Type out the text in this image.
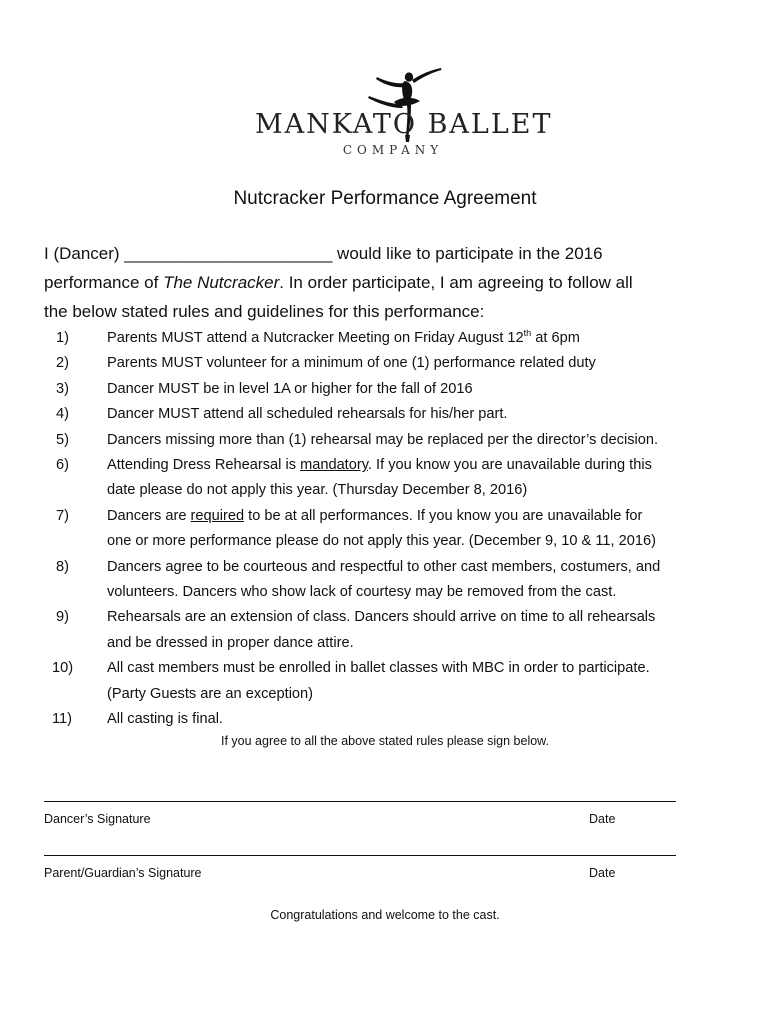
MANKATO BALLET
COMPANY
Nutcracker Performance Agreement
I (Dancer) ______________________ would like to participate in the 2016
performance of The Nutcracker. In order participate, I am agreeing to follow all
the below stated rules and guidelines for this performance:
1)	Parents MUST attend a Nutcracker Meeting on Friday August 12th at 6pm
2)	Parents MUST volunteer for a minimum of one (1) performance related duty
3)	Dancer MUST be in level 1A or higher for the fall of 2016
4)	Dancer MUST attend all scheduled rehearsals for his/her part.
5)	Dancers missing more than (1) rehearsal may be replaced per the director’s decision.
6)	Attending Dress Rehearsal is mandatory. If you know you are unavailable during this
date please do not apply this year. (Thursday December 8, 2016)
7)	Dancers are required to be at all performances. If you know you are unavailable for
one or more performance please do not apply this year. (December 9, 10 & 11, 2016)
8)	Dancers agree to be courteous and respectful to other cast members, costumers, and
volunteers. Dancers who show lack of courtesy may be removed from the cast.
9)	Rehearsals are an extension of class. Dancers should arrive on time to all rehearsals
and be dressed in proper dance attire.
10)	All cast members must be enrolled in ballet classes with MBC in order to participate.
(Party Guests are an exception)
11)	All casting is final.
If you agree to all the above stated rules please sign below.
Dancer’s Signature	Date
Parent/Guardian’s Signature	Date
Congratulations and welcome to the cast.
